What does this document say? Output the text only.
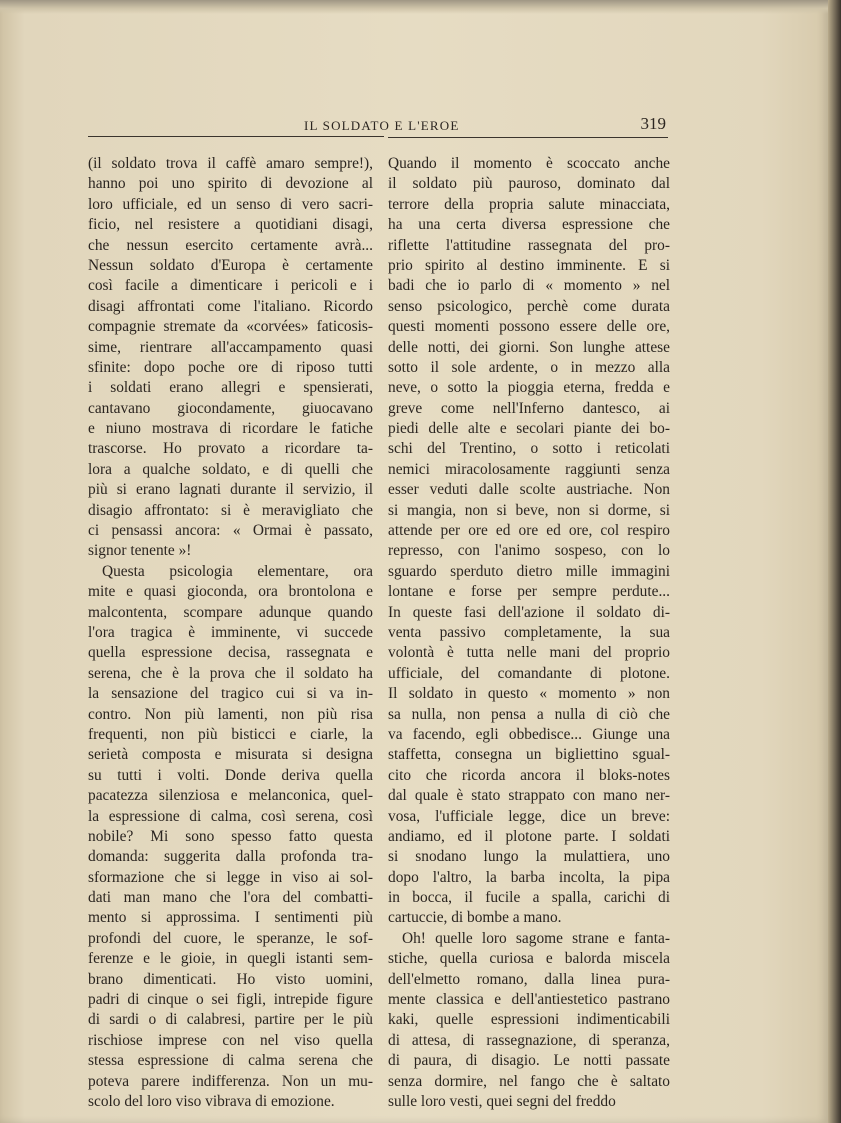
IL SOLDATO E L'EROE	319
(il soldato trova il caffè amaro sempre!),
hanno poi uno spirito di devozione al
loro ufficiale, ed un senso di vero sacri-
ficio, nel resistere a quotidiani disagi,
che nessun esercito certamente avrà...
Nessun soldato d'Europa è certamente
così facile a dimenticare i pericoli e i
disagi affrontati come l'italiano. Ricordo
compagnie stremate da «corvées» faticosis-
sime, rientrare all'accampamento quasi
sfinite: dopo poche ore di riposo tutti
i soldati erano allegri e spensierati,
cantavano giocondamente, giuocavano
e niuno mostrava di ricordare le fatiche
trascorse. Ho provato a ricordare ta-
lora a qualche soldato, e di quelli che
più si erano lagnati durante il servizio, il
disagio affrontato: si è meravigliato che
ci pensassi ancora: « Ormai è passato,
signor tenente »!
Questa psicologia elementare, ora
mite e quasi gioconda, ora brontolona e
malcontenta, scompare adunque quando
l'ora tragica è imminente, vi succede
quella espressione decisa, rassegnata e
serena, che è la prova che il soldato ha
la sensazione del tragico cui si va in-
contro. Non più lamenti, non più risa
frequenti, non più bisticci e ciarle, la
serietà composta e misurata si designa
su tutti i volti. Donde deriva quella
pacatezza silenziosa e melanconica, quel-
la espressione di calma, così serena, così
nobile? Mi sono spesso fatto questa
domanda: suggerita dalla profonda tra-
sformazione che si legge in viso ai sol-
dati man mano che l'ora del combatti-
mento si approssima. I sentimenti più
profondi del cuore, le speranze, le sof-
ferenze e le gioie, in quegli istanti sem-
brano dimenticati. Ho visto uomini,
padri di cinque o sei figli, intrepide figure
di sardi o di calabresi, partire per le più
rischiose imprese con nel viso quella
stessa espressione di calma serena che
poteva parere indifferenza. Non un mu-
scolo del loro viso vibrava di emozione.
Quando il momento è scoccato anche
il soldato più pauroso, dominato dal
terrore della propria salute minacciata,
ha una certa diversa espressione che
riflette l'attitudine rassegnata del pro-
prio spirito al destino imminente. E si
badi che io parlo di « momento » nel
senso psicologico, perchè come durata
questi momenti possono essere delle ore,
delle notti, dei giorni. Son lunghe attese
sotto il sole ardente, o in mezzo alla
neve, o sotto la pioggia eterna, fredda e
greve come nell'Inferno dantesco, ai
piedi delle alte e secolari piante dei bo-
schi del Trentino, o sotto i reticolati
nemici miracolosamente raggiunti senza
esser veduti dalle scolte austriache. Non
si mangia, non si beve, non si dorme, si
attende per ore ed ore ed ore, col respiro
represso, con l'animo sospeso, con lo
sguardo sperduto dietro mille immagini
lontane e forse per sempre perdute...
In queste fasi dell'azione il soldato di-
venta passivo completamente, la sua
volontà è tutta nelle mani del proprio
ufficiale, del comandante di plotone.
Il soldato in questo « momento » non
sa nulla, non pensa a nulla di ciò che
va facendo, egli obbedisce... Giunge una
staffetta, consegna un bigliettino sgual-
cito che ricorda ancora il bloks-notes
dal quale è stato strappato con mano ner-
vosa, l'ufficiale legge, dice un breve:
andiamo, ed il plotone parte. I soldati
si snodano lungo la mulattiera, uno
dopo l'altro, la barba incolta, la pipa
in bocca, il fucile a spalla, carichi di
cartuccie, di bombe a mano.
Oh! quelle loro sagome strane e fanta-
stiche, quella curiosa e balorda miscela
dell'elmetto romano, dalla linea pura-
mente classica e dell'antiestetico pastrano
kaki, quelle espressioni indimenticabili
di attesa, di rassegnazione, di speranza,
di paura, di disagio. Le notti passate
senza dormire, nel fango che è saltato
sulle loro vesti, quei segni del freddo
